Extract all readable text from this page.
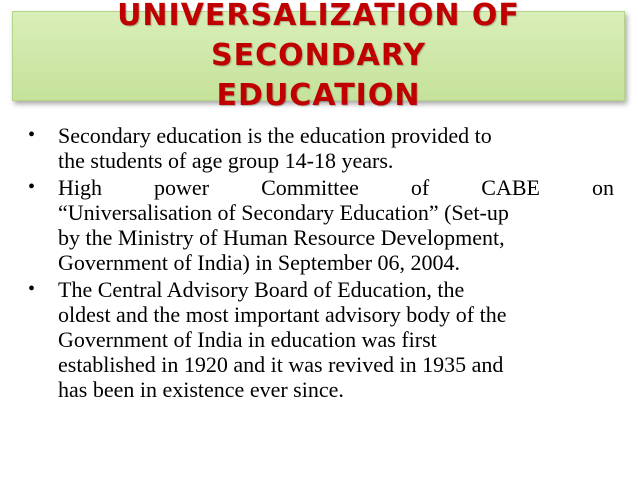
UNIVERSALIZATION OF SECONDARY
EDUCATION
• Secondary education is the education provided to
the students of age group 14-18 years.
• High power Committee of CABE on
“Universalisation of Secondary Education” (Set-up
by the Ministry of Human Resource Development,
Government of India) in September 06, 2004.
• The Central Advisory Board of Education, the
oldest and the most important advisory body of the
Government of India in education was first
established in 1920 and it was revived in 1935 and
has been in existence ever since.
